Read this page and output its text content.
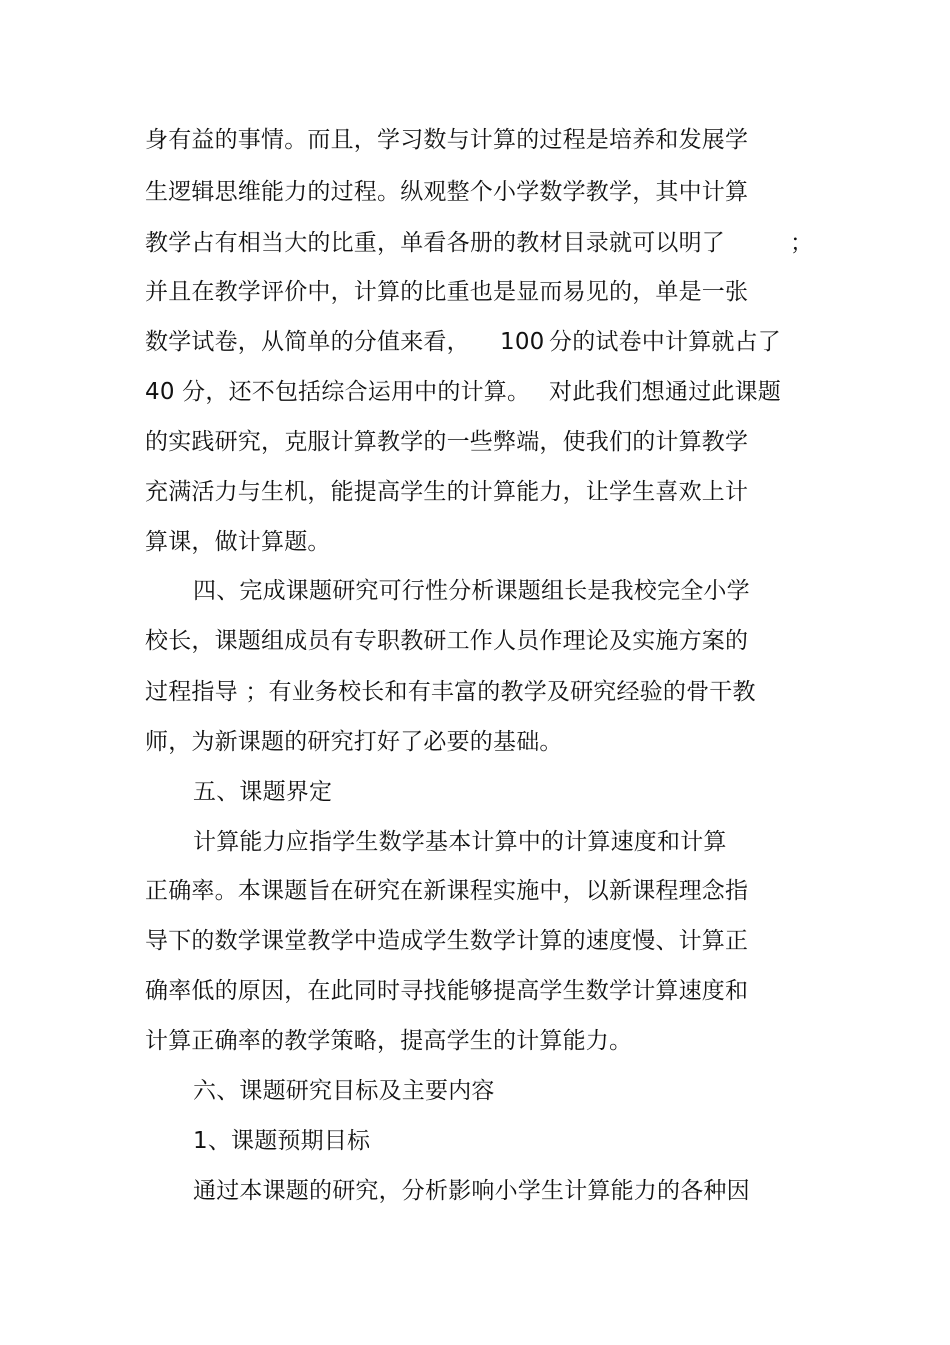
身有益的事情。而且，学习数与计算的过程是培养和发展学
生逻辑思维能力的过程。纵观整个小学数学教学，其中计算
教学占有相当大的比重，单看各册的教材目录就可以明了	；
并且在教学评价中，计算的比重也是显而易见的，单是一张
数学试卷，从简单的分值来看， 100 分的试卷中计算就占了
40 分，还不包括综合运用中的计算。 对此我们想通过此课题
的实践研究，克服计算教学的一些弊端，使我们的计算教学
充满活力与生机，能提高学生的计算能力，让学生喜欢上计
算课，做计算题。
四、完成课题研究可行性分析课题组长是我校完全小学
校长，课题组成员有专职教研工作人员作理论及实施方案的
过程指导 ；有业务校长和有丰富的教学及研究经验的骨干教
师，为新课题的研究打好了必要的基础。
五、课题界定
计算能力应指学生数学基本计算中的计算速度和计算
正确率。本课题旨在研究在新课程实施中，以新课程理念指
导下的数学课堂教学中造成学生数学计算的速度慢、计算正
确率低的原因，在此同时寻找能够提高学生数学计算速度和
计算正确率的教学策略，提高学生的计算能力。
六、课题研究目标及主要内容
1、课题预期目标
通过本课题的研究，分析影响小学生计算能力的各种因
